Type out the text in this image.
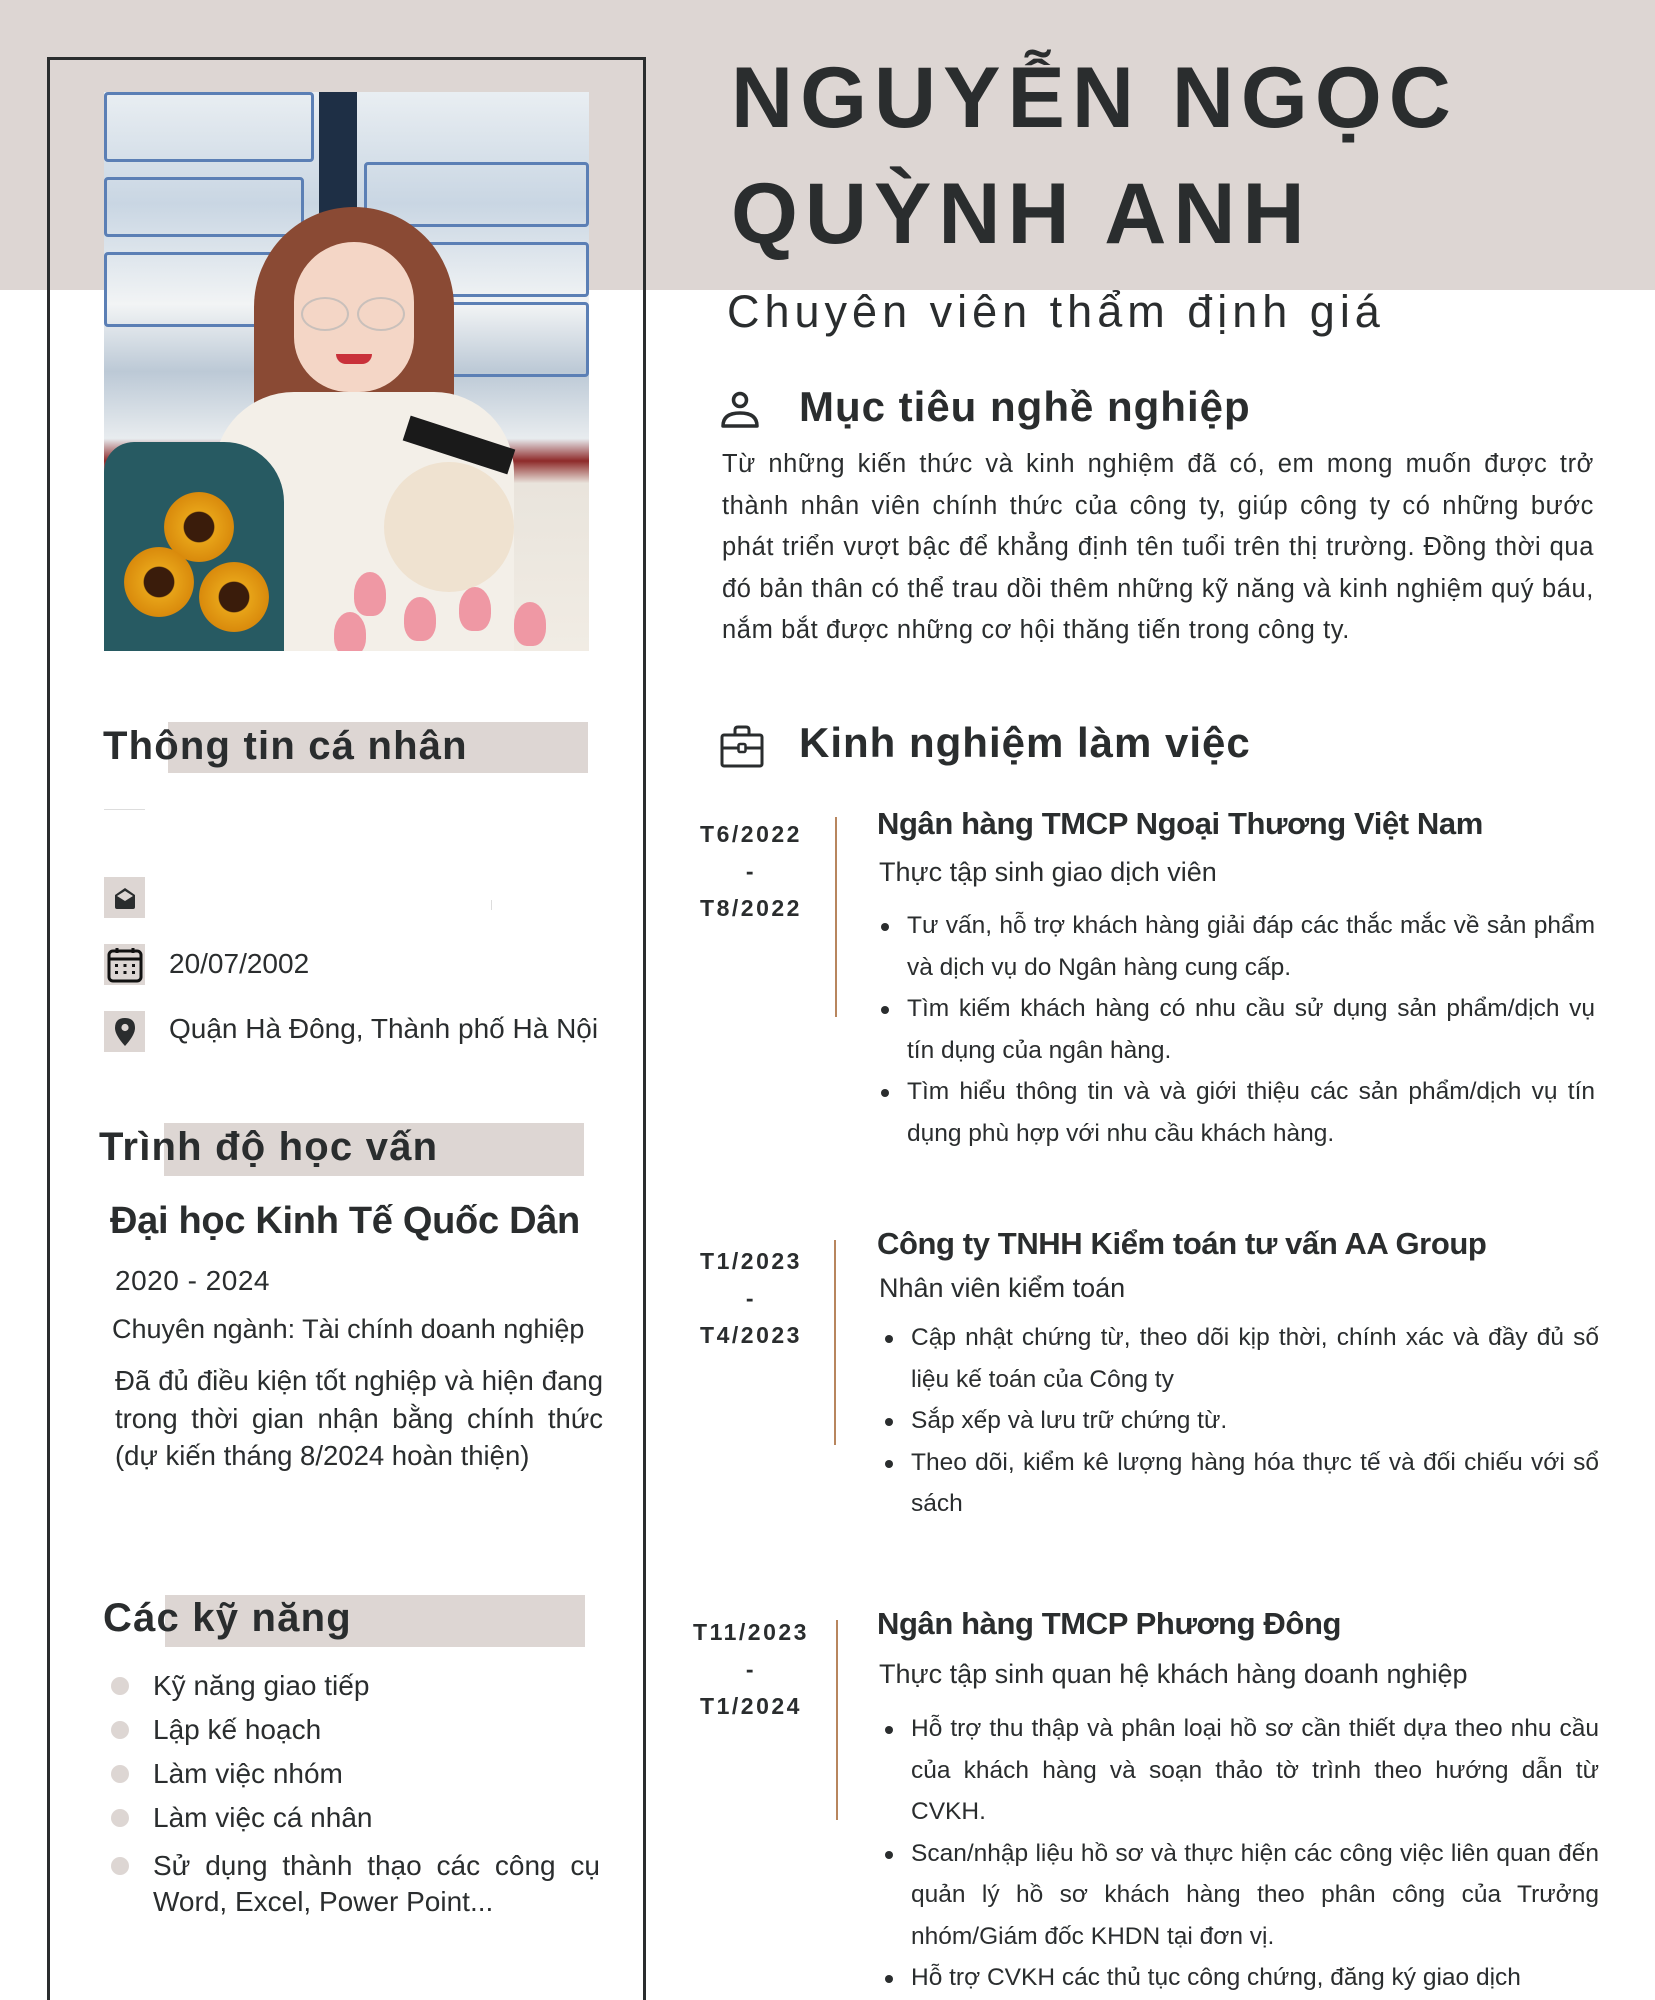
NGUYỄN NGỌC
QUỲNH ANH
Chuyên viên thẩm định giá
Mục tiêu nghề nghiệp
Từ những kiến thức và kinh nghiệm đã có, em mong muốn được trở thành nhân viên chính thức của công ty, giúp công ty có những bước phát triển vượt bậc để khẳng định tên tuổi trên thị trường. Đồng thời qua đó bản thân có thể trau dồi thêm những kỹ năng và kinh nghiệm quý báu, nắm bắt được những cơ hội thăng tiến trong công ty.
Kinh nghiệm làm việc
T6/2022
-
T8/2022
Ngân hàng TMCP Ngoại Thương Việt Nam
Thực tập sinh giao dịch viên
Tư vấn, hỗ trợ khách hàng giải đáp các thắc mắc về sản phẩm và dịch vụ do Ngân hàng cung cấp.
Tìm kiếm khách hàng có nhu cầu sử dụng sản phẩm/dịch vụ tín dụng của ngân hàng.
Tìm hiểu thông tin và và giới thiệu các sản phẩm/dịch vụ tín dụng phù hợp với nhu cầu khách hàng.
T1/2023
-
T4/2023
Công ty TNHH Kiểm toán tư vấn AA Group
Nhân viên kiểm toán
Cập nhật chứng từ, theo dõi kịp thời, chính xác và đầy đủ số liệu kế toán của Công ty
Sắp xếp và lưu trữ chứng từ.
Theo dõi, kiểm kê lượng hàng hóa thực tế và đối chiếu với sổ sách
T11/2023
-
T1/2024
Ngân hàng TMCP Phương Đông
Thực tập sinh quan hệ khách hàng doanh nghiệp
Hỗ trợ thu thập và phân loại hồ sơ cần thiết dựa theo nhu cầu của khách hàng và soạn thảo tờ trình theo hướng dẫn từ CVKH.
Scan/nhập liệu hồ sơ và thực hiện các công việc liên quan đến quản lý hồ sơ khách hàng theo phân công của Trưởng nhóm/Giám đốc KHDN tại đơn vị.
Hỗ trợ CVKH các thủ tục công chứng, đăng ký giao dịch
Thông tin cá nhân
20/07/2002
Quận Hà Đông, Thành phố Hà Nội
Trình độ học vấn
Đại học Kinh Tế Quốc Dân
2020 - 2024
Chuyên ngành: Tài chính doanh nghiệp
Đã đủ điều kiện tốt nghiệp và hiện đang trong thời gian nhận bằng chính thức (dự kiến tháng 8/2024 hoàn thiện)
Các kỹ năng
Kỹ năng giao tiếp
Lập kế hoạch
Làm việc nhóm
Làm việc cá nhân
Sử dụng thành thạo các công cụ Word, Excel, Power Point...
